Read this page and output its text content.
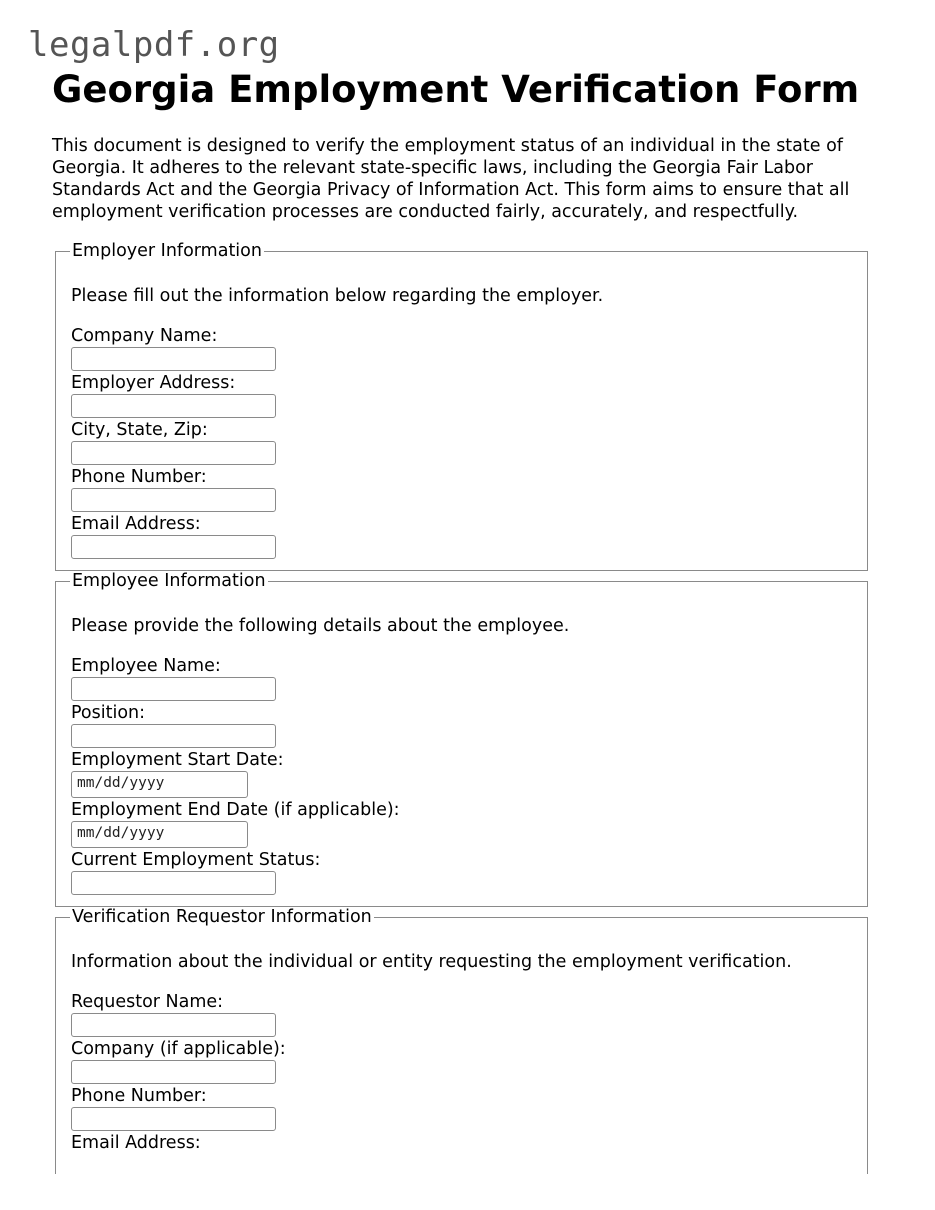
legalpdf.org
Georgia Employment Verification Form

This document is designed to verify the employment status of an individual in the state of Georgia. It adheres to the relevant state-specific laws, including the Georgia Fair Labor Standards Act and the Georgia Privacy of Information Act. This form aims to ensure that all employment verification processes are conducted fairly, accurately, and respectfully.

Employer Information

Please fill out the information below regarding the employer.

Company Name:
Employer Address:
City, State, Zip:
Phone Number:
Email Address:
Employee Information

Please provide the following details about the employee.

Employee Name:
Position:
Employment Start Date:
mm/dd/yyyy
Employment End Date (if applicable):
mm/dd/yyyy
Current Employment Status:
Verification Requestor Information

Information about the individual or entity requesting the employment verification.

Requestor Name:
Company (if applicable):
Phone Number:
Email Address:
